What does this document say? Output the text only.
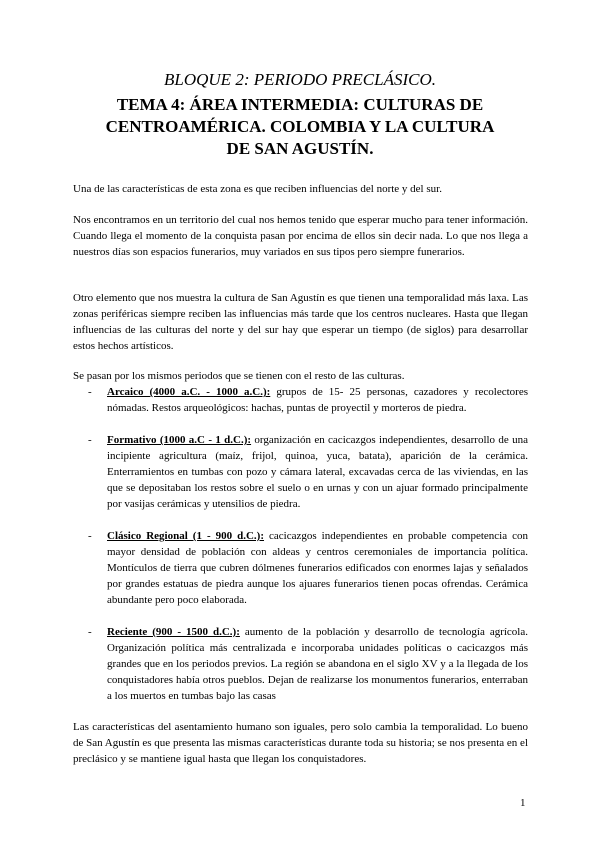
BLOQUE 2: PERIODO PRECLÁSICO.
TEMA 4: ÁREA INTERMEDIA: CULTURAS DE CENTROAMÉRICA. COLOMBIA Y LA CULTURA DE SAN AGUSTÍN.
Una de las características de esta zona es que reciben influencias del norte y del sur.
Nos encontramos en un territorio del cual nos hemos tenido que esperar mucho para tener información. Cuando llega el momento de la conquista pasan por encima de ellos sin decir nada. Lo que nos llega a nuestros días son espacios funerarios, muy variados en sus tipos pero siempre funerarios.
Otro elemento que nos muestra la cultura de San Agustín es que tienen una temporalidad más laxa. Las zonas periféricas siempre reciben las influencias más tarde que los centros nucleares. Hasta que llegan influencias de las culturas del norte y del sur hay que esperar un tiempo (de siglos) para desarrollar estos hechos artísticos.
Se pasan por los mismos periodos que se tienen con el resto de las culturas.
- Arcaico (4000 a.C. - 1000 a.C.): grupos de 15- 25 personas, cazadores y recolectores nómadas. Restos arqueológicos: hachas, puntas de proyectil y morteros de piedra.
- Formativo (1000 a.C - 1 d.C.): organización en cacicazgos independientes, desarrollo de una incipiente agricultura (maíz, frijol, quinoa, yuca, batata), aparición de la cerámica. Enterramientos en tumbas con pozo y cámara lateral, excavadas cerca de las viviendas, en las que se depositaban los restos sobre el suelo o en urnas y con un ajuar formado principalmente por vasijas cerámicas y utensilios de piedra.
- Clásico Regional (1 - 900 d.C.): cacicazgos independientes en probable competencia con mayor densidad de población con aldeas y centros ceremoniales de importancia política. Montículos de tierra que cubren dólmenes funerarios edificados con enormes lajas y señalados por grandes estatuas de piedra aunque los ajuares funerarios tienen pocas ofrendas. Cerámica abundante pero poco elaborada.
- Reciente (900 - 1500 d.C.): aumento de la población y desarrollo de tecnología agrícola. Organización política más centralizada e incorporaba unidades políticas o cacicazgos más grandes que en los periodos previos. La región se abandona en el siglo XV y a la llegada de los conquistadores había otros pueblos. Dejan de realizarse los monumentos funerarios, enterraban a los muertos en tumbas bajo las casas
Las características del asentamiento humano son iguales, pero solo cambia la temporalidad. Lo bueno de San Agustín es que presenta las mismas características durante toda su historia; se nos presenta en el preclásico y se mantiene igual hasta que llegan los conquistadores.
1
